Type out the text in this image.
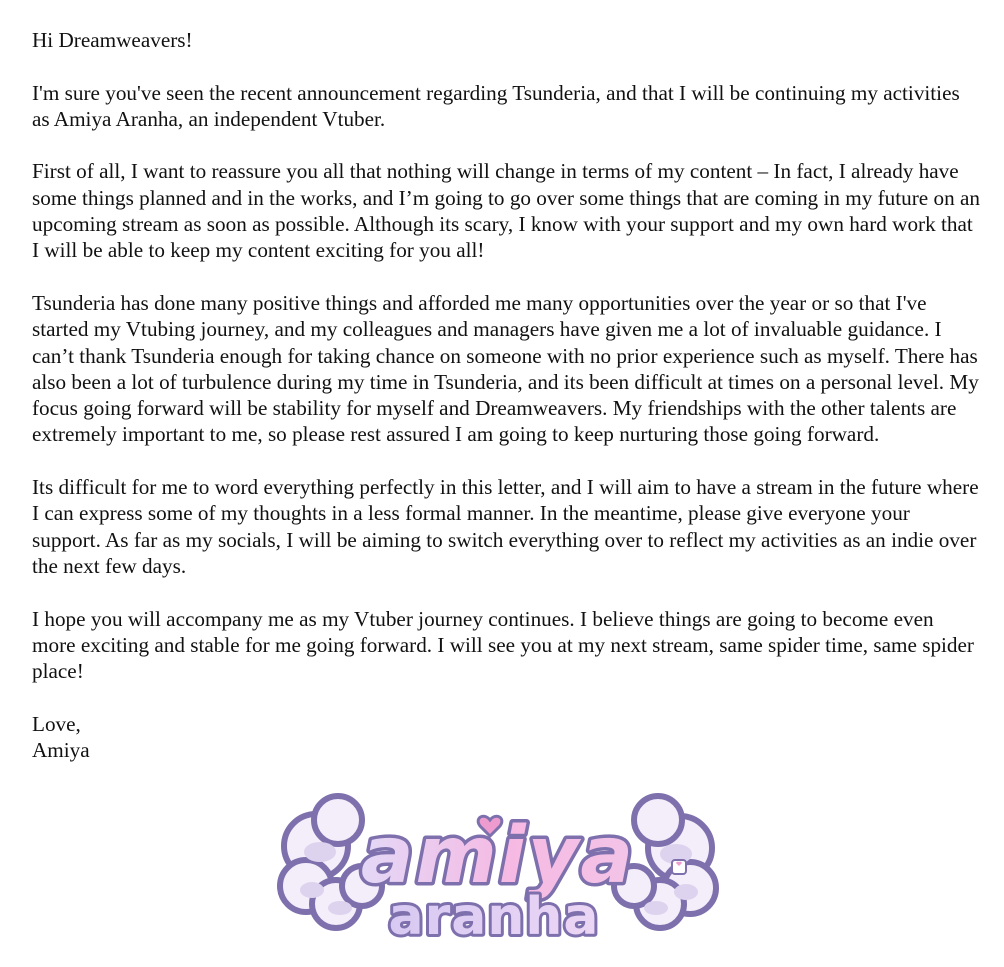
Hi Dreamweavers!

I'm sure you've seen the recent announcement regarding Tsunderia, and that I will be continuing my activities as Amiya Aranha, an independent Vtuber.

First of all, I want to reassure you all that nothing will change in terms of my content – In fact, I already have some things planned and in the works, and I’m going to go over some things that are coming in my future on an upcoming stream as soon as possible. Although its scary, I know with your support and my own hard work that I will be able to keep my content exciting for you all!

Tsunderia has done many positive things and afforded me many opportunities over the year or so that I've started my Vtubing journey, and my colleagues and managers have given me a lot of invaluable guidance. I can’t thank Tsunderia enough for taking chance on someone with no prior experience such as myself. There has also been a lot of turbulence during my time in Tsunderia, and its been difficult at times on a personal level. My focus going forward will be stability for myself and Dreamweavers. My friendships with the other talents are extremely important to me, so please rest assured I am going to keep nurturing those going forward.

Its difficult for me to word everything perfectly in this letter, and I will aim to have a stream in the future where I can express some of my thoughts in a less formal manner. In the meantime, please give everyone your support. As far as my socials, I will be aiming to switch everything over to reflect my activities as an indie over the next few days.

I hope you will accompany me as my Vtuber journey continues. I believe things are going to become even more exciting and stable for me going forward. I will see you at my next stream, same spider time, same spider place!

Love,
Amiya

amiya
aranha
